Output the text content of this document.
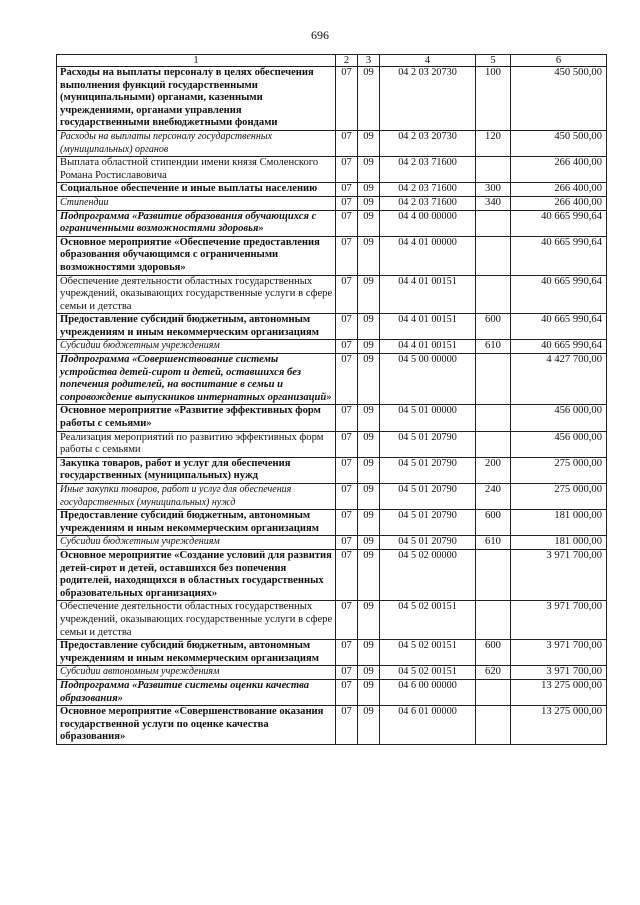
696
1	2	3	4	5	6
Расходы на выплаты персоналу в целях обеспечения выполнения функций государственными (муниципальными) органами, казенными учреждениями, органами управления государственными внебюджетными фондами	07	09	04 2 03 20730	100	450 500,00
Расходы на выплаты персоналу государственных (муниципальных) органов	07	09	04 2 03 20730	120	450 500,00
Выплата областной стипендии имени князя Смоленского Романа Ростиславовича	07	09	04 2 03 71600		266 400,00
Социальное обеспечение и иные выплаты населению	07	09	04 2 03 71600	300	266 400,00
Стипендии	07	09	04 2 03 71600	340	266 400,00
Подпрограмма «Развитие образования обучающихся с ограниченными возможностями здоровья»	07	09	04 4 00 00000		40 665 990,64
Основное мероприятие «Обеспечение предоставления образования обучающимся с ограниченными возможностями здоровья»	07	09	04 4 01 00000		40 665 990,64
Обеспечение деятельности областных государственных учреждений, оказывающих государственные услуги в сфере семьи и детства	07	09	04 4 01 00151		40 665 990,64
Предоставление субсидий бюджетным, автономным учреждениям и иным некоммерческим организациям	07	09	04 4 01 00151	600	40 665 990,64
Субсидии бюджетным учреждениям	07	09	04 4 01 00151	610	40 665 990,64
Подпрограмма «Совершенствование системы устройства детей-сирот и детей, оставшихся без попечения родителей, на воспитание в семьи и сопровождение выпускников интернатных организаций»	07	09	04 5 00 00000		4 427 700,00
Основное мероприятие «Развитие эффективных форм работы с семьями»	07	09	04 5 01 00000		456 000,00
Реализация мероприятий по развитию эффективных форм работы с семьями	07	09	04 5 01 20790		456 000,00
Закупка товаров, работ и услуг для обеспечения государственных (муниципальных) нужд	07	09	04 5 01 20790	200	275 000,00
Иные закупки товаров, работ и услуг для обеспечения государственных (муниципальных) нужд	07	09	04 5 01 20790	240	275 000,00
Предоставление субсидий бюджетным, автономным учреждениям и иным некоммерческим организациям	07	09	04 5 01 20790	600	181 000,00
Субсидии бюджетным учреждениям	07	09	04 5 01 20790	610	181 000,00
Основное мероприятие «Создание условий для развития детей-сирот и детей, оставшихся без попечения родителей, находящихся в областных государственных образовательных организациях»	07	09	04 5 02 00000		3 971 700,00
Обеспечение деятельности областных государственных учреждений, оказывающих государственные услуги в сфере семьи и детства	07	09	04 5 02 00151		3 971 700,00
Предоставление субсидий бюджетным, автономным учреждениям и иным некоммерческим организациям	07	09	04 5 02 00151	600	3 971 700,00
Субсидии автономным учреждениям	07	09	04 5 02 00151	620	3 971 700,00
Подпрограмма «Развитие системы оценки качества образования»	07	09	04 6 00 00000		13 275 000,00
Основное мероприятие «Совершенствование оказания государственной услуги по оценке качества образования»	07	09	04 6 01 00000		13 275 000,00
